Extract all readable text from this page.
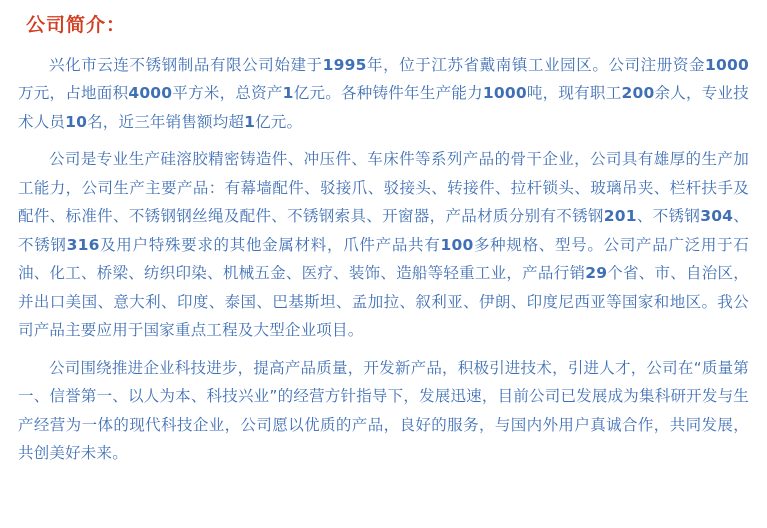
公司简介：

兴化市云连不锈钢制品有限公司始建于1995年，位于江苏省戴南镇工业园区。公司注册资金1000万元，占地面积4000平方米，总资产1亿元。各种铸件年生产能力1000吨，现有职工200余人，专业技术人员10名，近三年销售额均超1亿元。

公司是专业生产硅溶胶精密铸造件、冲压件、车床件等系列产品的骨干企业，公司具有雄厚的生产加工能力，公司生产主要产品：有幕墙配件、驳接爪、驳接头、转接件、拉杆锁头、玻璃吊夹、栏杆扶手及配件、标准件、不锈钢钢丝绳及配件、不锈钢索具、开窗器，产品材质分别有不锈钢201、不锈钢304、不锈钢316及用户特殊要求的其他金属材料，爪件产品共有100多种规格、型号。公司产品广泛用于石油、化工、桥梁、纺织印染、机械五金、医疗、装饰、造船等轻重工业，产品行销29个省、市、自治区，并出口美国、意大利、印度、泰国、巴基斯坦、孟加拉、叙利亚、伊朗、印度尼西亚等国家和地区。我公司产品主要应用于国家重点工程及大型企业项目。

公司围绕推进企业科技进步，提高产品质量，开发新产品，积极引进技术，引进人才，公司在“质量第一、信誉第一、以人为本、科技兴业”的经营方针指导下，发展迅速，目前公司已发展成为集科研开发与生产经营为一体的现代科技企业，公司愿以优质的产品，良好的服务，与国内外用户真诚合作，共同发展，共创美好未来。
